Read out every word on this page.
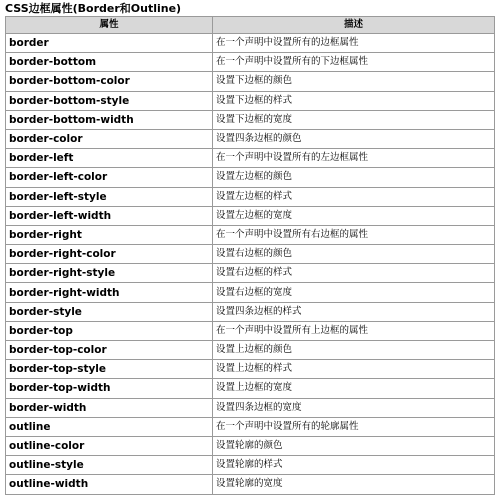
CSS边框属性(Border和Outline)
属性	描述
border	在一个声明中设置所有的边框属性
border-bottom	在一个声明中设置所有的下边框属性
border-bottom-color	设置下边框的颜色
border-bottom-style	设置下边框的样式
border-bottom-width	设置下边框的宽度
border-color	设置四条边框的颜色
border-left	在一个声明中设置所有的左边框属性
border-left-color	设置左边框的颜色
border-left-style	设置左边框的样式
border-left-width	设置左边框的宽度
border-right	在一个声明中设置所有右边框的属性
border-right-color	设置右边框的颜色
border-right-style	设置右边框的样式
border-right-width	设置右边框的宽度
border-style	设置四条边框的样式
border-top	在一个声明中设置所有上边框的属性
border-top-color	设置上边框的颜色
border-top-style	设置上边框的样式
border-top-width	设置上边框的宽度
border-width	设置四条边框的宽度
outline	在一个声明中设置所有的轮廓属性
outline-color	设置轮廓的颜色
outline-style	设置轮廓的样式
outline-width	设置轮廓的宽度
